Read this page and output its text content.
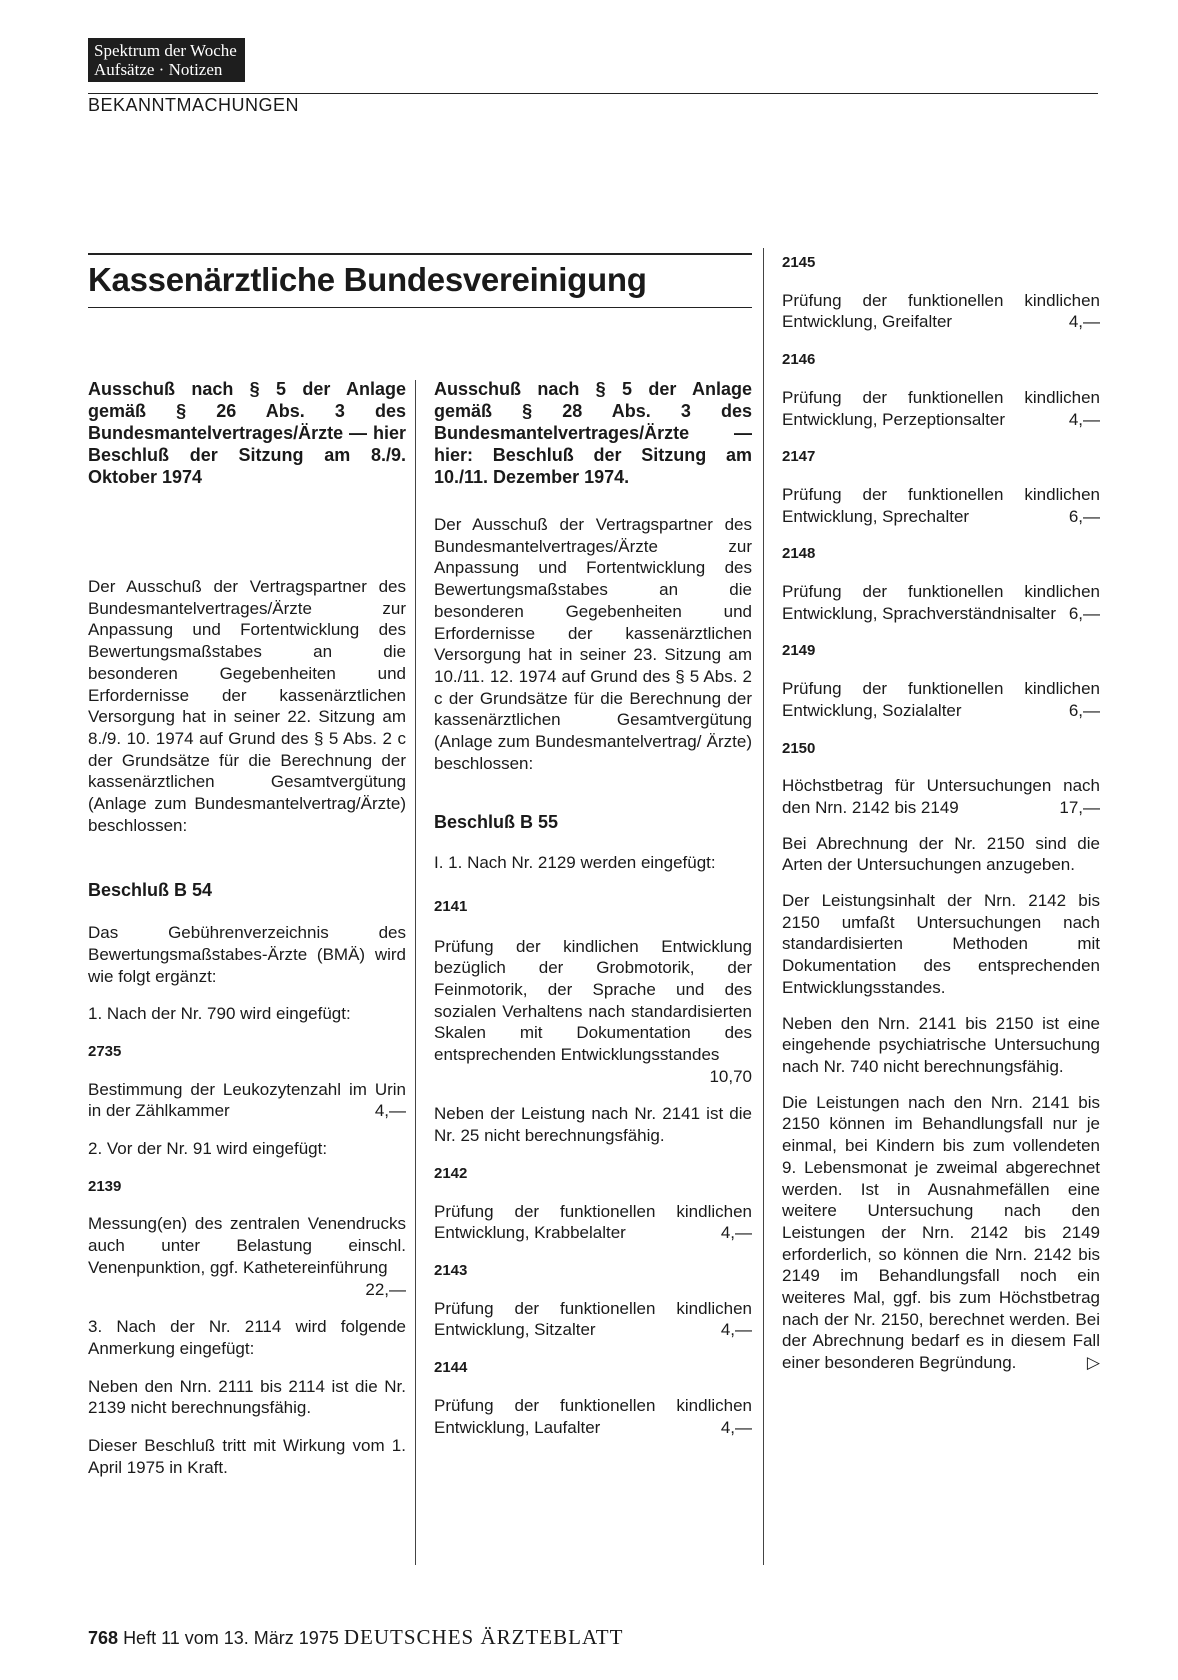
Spektrum der Woche
Aufsätze · Notizen
BEKANNTMACHUNGEN
Kassenärztliche Bundesvereinigung

Ausschuß nach § 5 der Anlage gemäß § 26 Abs. 3 des Bundesmantelvertrages/Ärzte — hier Beschluß der Sitzung am 8./9. Oktober 1974

Der Ausschuß der Vertragspartner des Bundesmantelvertrages/Ärzte zur Anpassung und Fortentwicklung des Bewertungsmaßstabes an die besonderen Gegebenheiten und Erfordernisse der kassenärztlichen Versorgung hat in seiner 22. Sitzung am 8./9. 10. 1974 auf Grund des § 5 Abs. 2 c der Grundsätze für die Berechnung der kassenärztlichen Gesamtvergütung (Anlage zum Bundesmantelvertrag/Ärzte) beschlossen:

Beschluß B 54

Das Gebührenverzeichnis des Bewertungsmaßstabes-Ärzte (BMÄ) wird wie folgt ergänzt:

1. Nach der Nr. 790 wird eingefügt:

2735

Bestimmung der Leukozytenzahl im Urin in der Zählkammer	4,—

2. Vor der Nr. 91 wird eingefügt:

2139

Messung(en) des zentralen Venendrucks auch unter Belastung einschl. Venenpunktion, ggf. Kathetereinführung
22,—

3. Nach der Nr. 2114 wird folgende Anmerkung eingefügt:

Neben den Nrn. 2111 bis 2114 ist die Nr. 2139 nicht berechnungsfähig.

Dieser Beschluß tritt mit Wirkung vom 1. April 1975 in Kraft.

Ausschuß nach § 5 der Anlage gemäß § 28 Abs. 3 des Bundesmantelvertrages/Ärzte — hier: Beschluß der Sitzung am 10./11. Dezember 1974.

Der Ausschuß der Vertragspartner des Bundesmantelvertrages/Ärzte zur Anpassung und Fortentwicklung des Bewertungsmaßstabes an die besonderen Gegebenheiten und Erfordernisse der kassenärztlichen Versorgung hat in seiner 23. Sitzung am 10./11. 12. 1974 auf Grund des § 5 Abs. 2 c der Grundsätze für die Berechnung der kassenärztlichen Gesamtvergütung (Anlage zum Bundesmantelvertrag/ Ärzte) beschlossen:

Beschluß B 55

I. 1. Nach Nr. 2129 werden eingefügt:

2141

Prüfung der kindlichen Entwicklung bezüglich der Grobmotorik, der Feinmotorik, der Sprache und des sozialen Verhaltens nach standardisierten Skalen mit Dokumentation des entsprechenden Entwicklungsstandes
10,70

Neben der Leistung nach Nr. 2141 ist die Nr. 25 nicht berechnungsfähig.

2142

Prüfung der funktionellen kindlichen Entwicklung, Krabbelalter	4,—

2143

Prüfung der funktionellen kindlichen Entwicklung, Sitzalter	4,—

2144

Prüfung der funktionellen kindlichen Entwicklung, Laufalter	4,—

2145

Prüfung der funktionellen kindlichen Entwicklung, Greifalter	4,—

2146

Prüfung der funktionellen kindlichen Entwicklung, Perzeptionsalter	4,—

2147

Prüfung der funktionellen kindlichen Entwicklung, Sprechalter	6,—

2148

Prüfung der funktionellen kindlichen Entwicklung, Sprachverständnisalter 6,—

2149

Prüfung der funktionellen kindlichen Entwicklung, Sozialalter	6,—

2150

Höchstbetrag für Untersuchungen nach den Nrn. 2142 bis 2149	17,—

Bei Abrechnung der Nr. 2150 sind die Arten der Untersuchungen anzugeben.

Der Leistungsinhalt der Nrn. 2142 bis 2150 umfaßt Untersuchungen nach standardisierten Methoden mit Dokumentation des entsprechenden Entwicklungsstandes.

Neben den Nrn. 2141 bis 2150 ist eine eingehende psychiatrische Untersuchung nach Nr. 740 nicht berechnungsfähig.

Die Leistungen nach den Nrn. 2141 bis 2150 können im Behandlungsfall nur je einmal, bei Kindern bis zum vollendeten 9. Lebensmonat je zweimal abgerechnet werden. Ist in Ausnahmefällen eine weitere Untersuchung nach den Leistungen der Nrn. 2142 bis 2149 erforderlich, so können die Nrn. 2142 bis 2149 im Behandlungsfall noch ein weiteres Mal, ggf. bis zum Höchstbetrag nach der Nr. 2150, berechnet werden. Bei der Abrechnung bedarf es in diesem Fall einer besonderen Begründung.	▷

768 Heft 11 vom 13. März 1975 DEUTSCHES ÄRZTEBLATT
